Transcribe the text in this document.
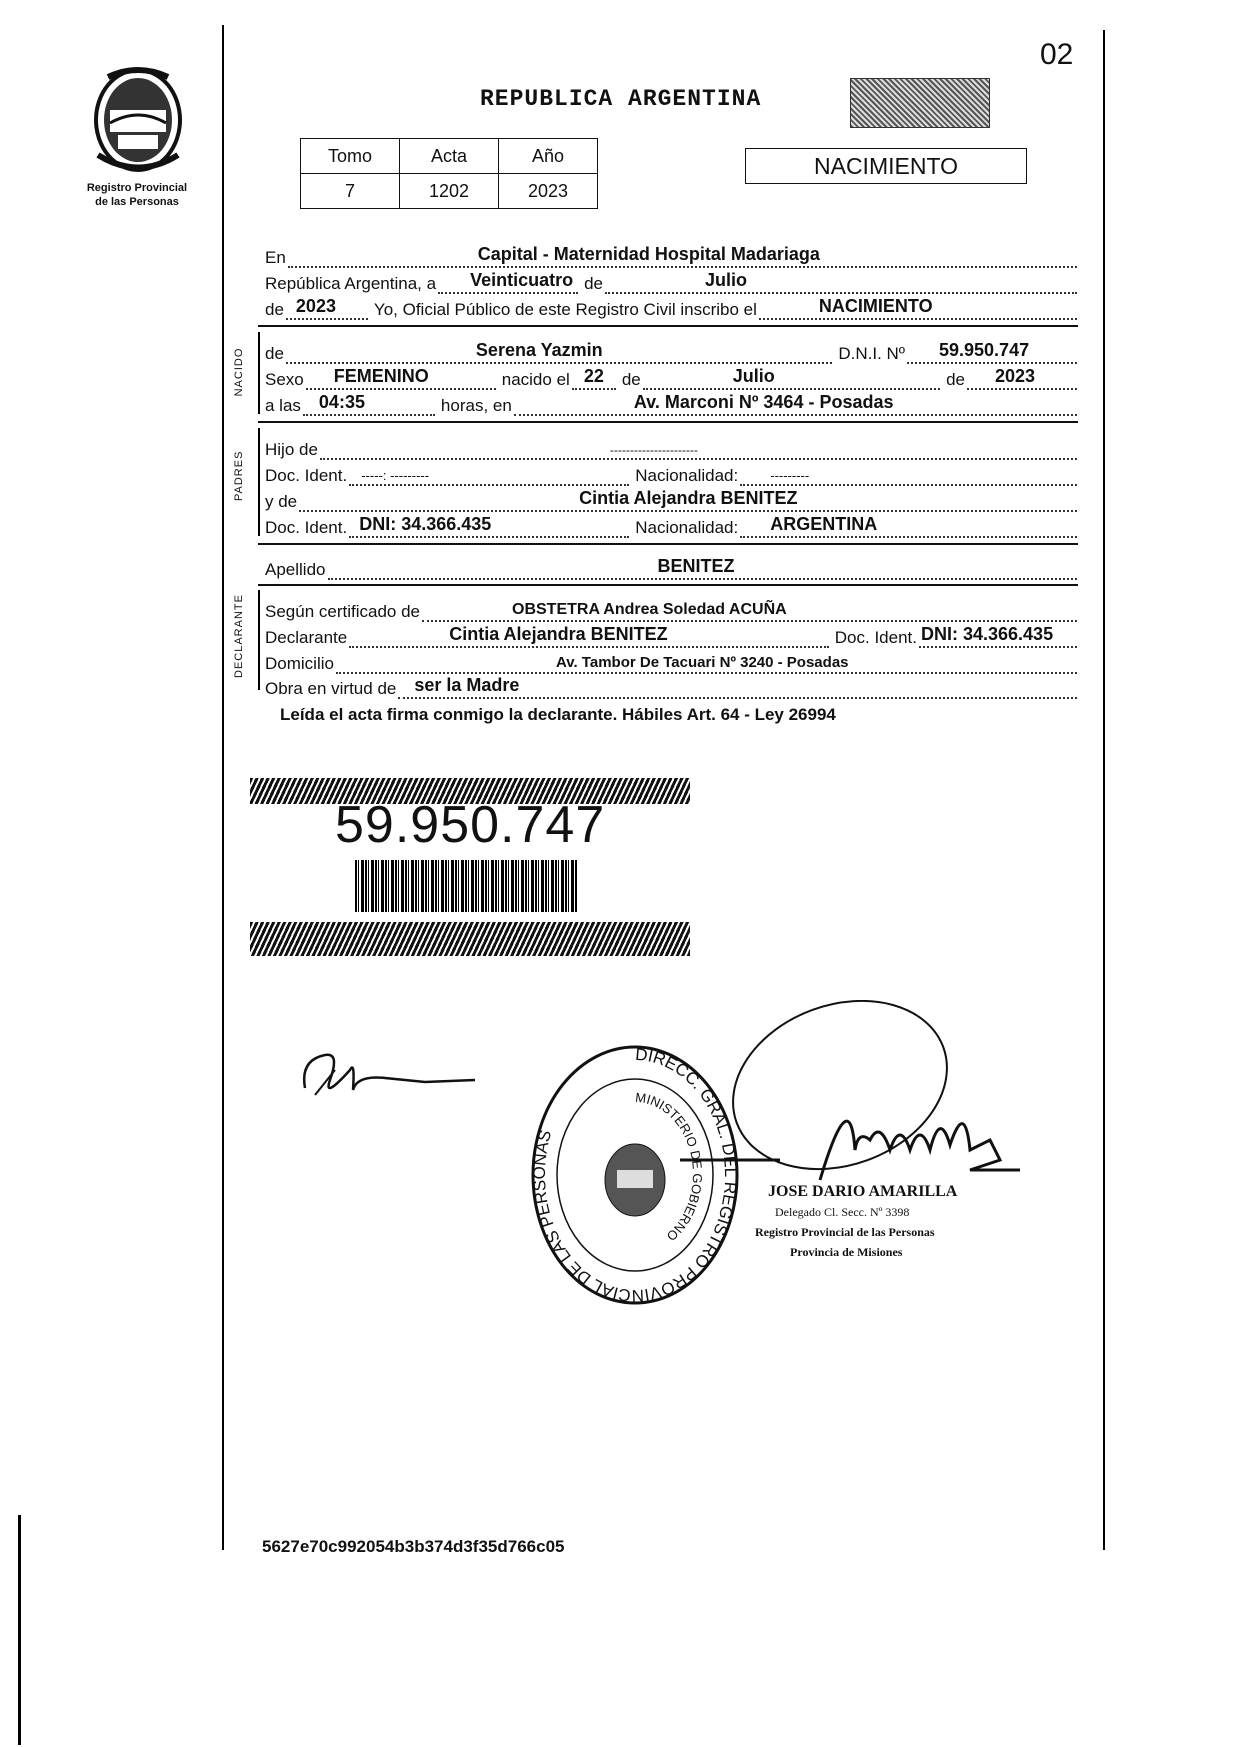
02
Registro Provincial
de las Personas
REPUBLICA ARGENTINA
Tomo	Acta	Año
7	1202	2023
NACIMIENTO
En	Capital - Maternidad Hospital Madariaga
República Argentina, a Veinticuatro de	Julio
de 2023	Yo, Oficial Público de este Registro Civil inscribo el	NACIMIENTO
NACIDO de	Serena Yazmin	D.N.I. Nº 59.950.747
Sexo FEMENINO	nacido el 22	de	Julio	de 2023
a las 04:35	horas, en	Av. Marconi Nº 3464 - Posadas
PADRES
Hijo de	----------------------
Doc. Ident. -----: ---------	Nacionalidad: ---------
y de	Cintia Alejandra BENITEZ
Doc. Ident. DNI: 34.366.435	Nacionalidad: ARGENTINA
Apellido	BENITEZ
DECLARANTE Según certificado de	OBSTETRA Andrea Soledad ACUÑA
Declarante	Cintia Alejandra BENITEZ	Doc. Ident. DNI: 34.366.435
Domicilio	Av. Tambor De Tacuari Nº 3240 - Posadas
Obra en virtud de ser la Madre
Leída el acta firma conmigo la declarante. Hábiles Art. 64 - Ley 26994
59.950.747
DIRECC. GRAL. DEL REGISTRO PROVINCIAL DE LAS PERSONAS
MINISTERIO DE GOBIERNO
JOSE DARIO AMARILLA
Delegado Cl. Secc. Nº 3398
Registro Provincial de las Personas
Provincia de Misiones
5627e70c992054b3b374d3f35d766c05
